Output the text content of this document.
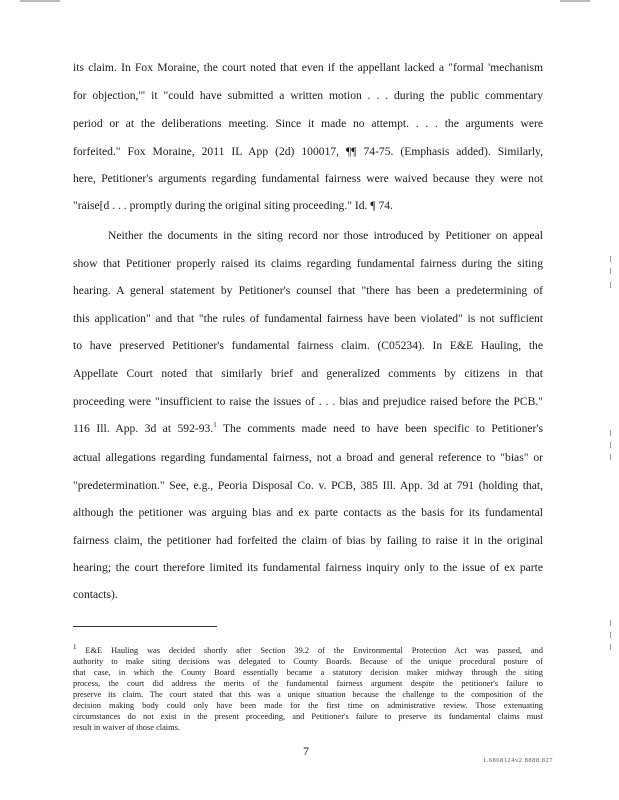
its claim. In Fox Moraine, the court noted that even if the appellant lacked a "formal 'mechanism
for objection,'" it "could have submitted a written motion . . . during the public commentary
period or at the deliberations meeting. Since it made no attempt. . . . the arguments were
forfeited." Fox Moraine, 2011 IL App (2d) 100017, ¶¶ 74-75. (Emphasis added). Similarly,
here, Petitioner's arguments regarding fundamental fairness were waived because they were not
"raise[d . . . promptly during the original siting proceeding." Id. ¶ 74.
Neither the documents in the siting record nor those introduced by Petitioner on appeal
show that Petitioner properly raised its claims regarding fundamental fairness during the siting
hearing. A general statement by Petitioner's counsel that "there has been a predetermining of
this application" and that "the rules of fundamental fairness have been violated" is not sufficient
to have preserved Petitioner's fundamental fairness claim. (C05234). In E&E Hauling, the
Appellate Court noted that similarly brief and generalized comments by citizens in that
proceeding were "insufficient to raise the issues of . . . bias and prejudice raised before the PCB."
116 Ill. App. 3d at 592-93.$^1$ The comments made need to have been specific to Petitioner's
actual allegations regarding fundamental fairness, not a broad and general reference to "bias" or
"predetermination." See, e.g., Peoria Disposal Co. v. PCB, 385 Ill. App. 3d at 791 (holding that,
although the petitioner was arguing bias and ex parte contacts as the basis for its fundamental
fairness claim, the petitioner had forfeited the claim of bias by failing to raise it in the original
hearing; the court therefore limited its fundamental fairness inquiry only to the issue of ex parte
contacts).
$^1$ E&E Hauling was decided shortly after Section 39.2 of the Environmental Protection Act was passed, and
authority to make siting decisions was delegated to County Boards. Because of the unique procedural posture of
that case, in which the County Board essentially became a statutory decision maker midway through the siting
process, the court did address the merits of the fundamental fairness argument despite the petitioner's failure to
preserve its claim. The court stated that this was a unique situation because the challenge to the composition of the
decision making body could only have been made for the first time on administrative review. Those extenuating
circumstances do not exist in the present proceeding, and Petitioner's failure to preserve its fundamental claims must
result in waiver of those claims.
7
1.6868124v2 8888.827
